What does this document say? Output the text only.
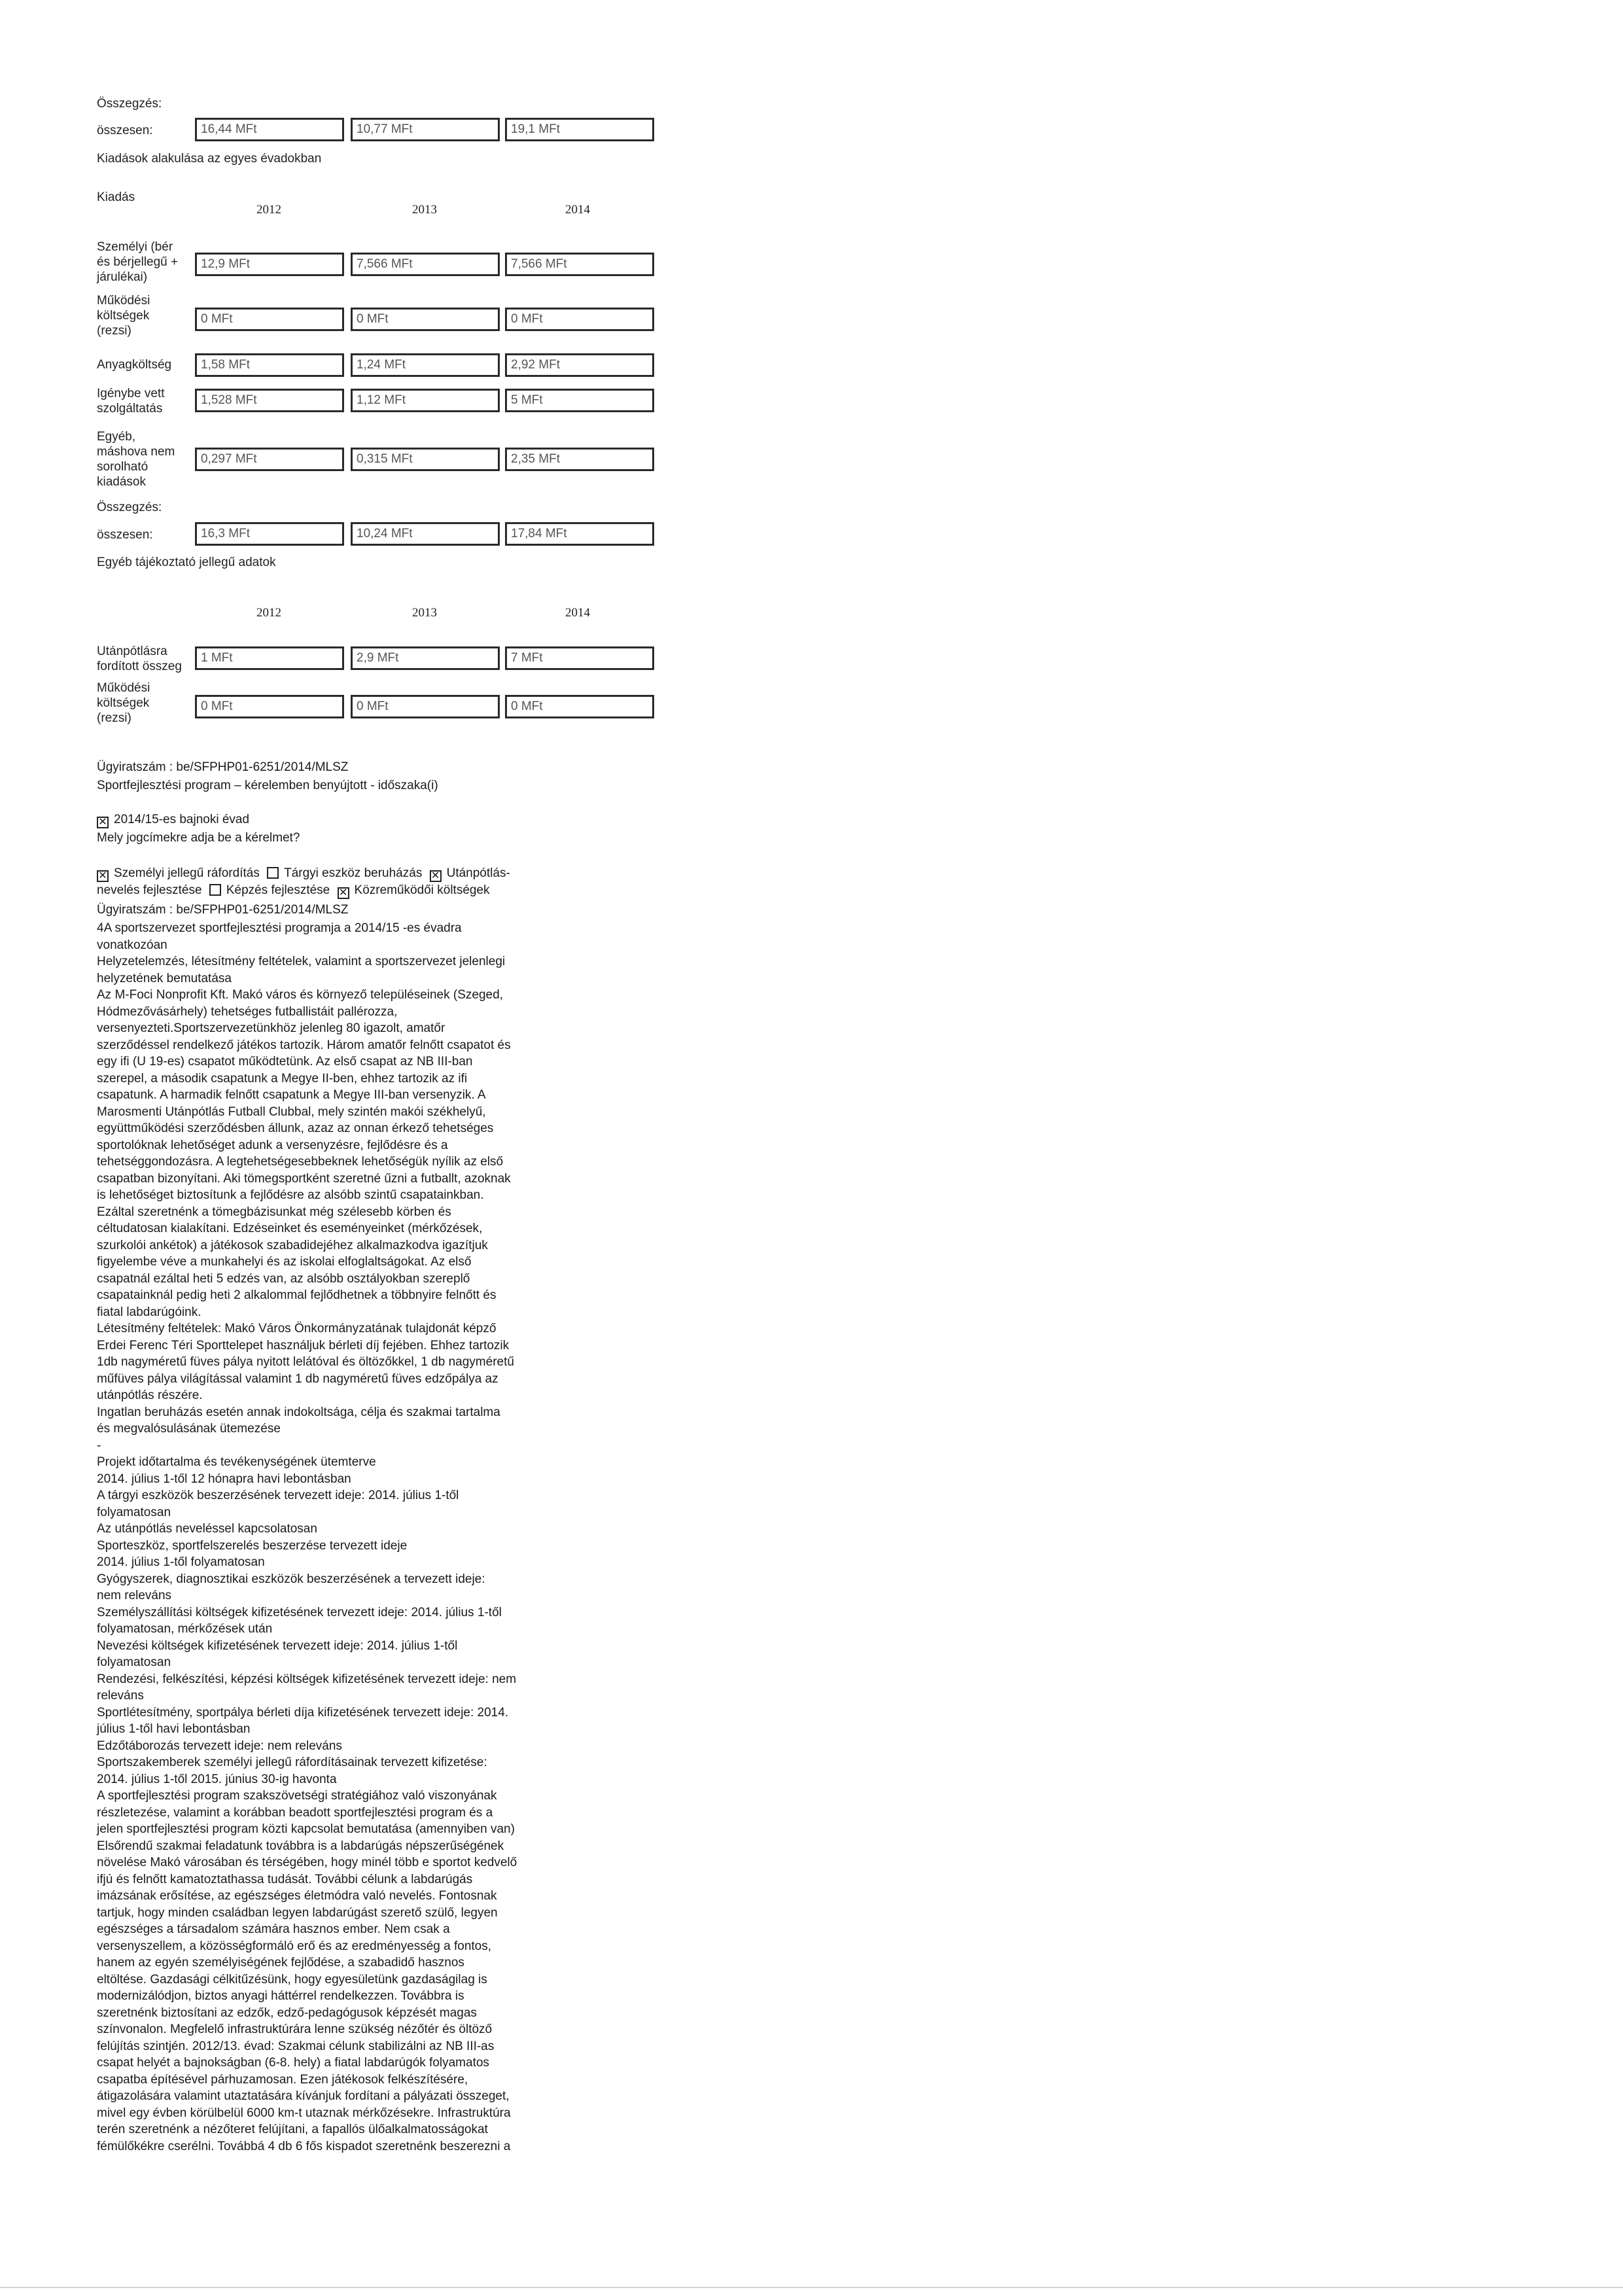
Összegzés:
összesen:	16,44 MFt	10,77 MFt	19,1 MFt
Kiadások alakulása az egyes évadokban
Kiadás
2012	2013	2014
Személyi (bér
és bérjellegű +
járulékai)
12,9 MFt	7,566 MFt	7,566 MFt
Működési
költségek
(rezsi)
0 MFt	0 MFt	0 MFt
Anyagköltség	1,58 MFt	1,24 MFt	2,92 MFt
Igénybe vett
szolgáltatás
1,528 MFt	1,12 MFt	5 MFt
Egyéb,
máshova nem
sorolható
kiadások
0,297 MFt	0,315 MFt	2,35 MFt
Összegzés:
összesen:	16,3 MFt	10,24 MFt	17,84 MFt
Egyéb tájékoztató jellegű adatok
2012	2013	2014
Utánpótlásra
fordított összeg
1 MFt	2,9 MFt	7 MFt
Működési
költségek
(rezsi)
0 MFt	0 MFt	0 MFt
Ügyiratszám : be/SFPHP01-6251/2014/MLSZ
Sportfejlesztési program – kérelemben benyújtott - időszaka(i)
✕2014/15-es bajnoki évad
Mely jogcímekre adja be a kérelmet?
✕Személyi jellegű ráfordítás Tárgyi eszköz beruházás ✕ Utánpótlás-
nevelés fejlesztése Képzés fejlesztése ✕ Közreműködői költségek
Ügyiratszám : be/SFPHP01-6251/2014/MLSZ
4A sportszervezet sportfejlesztési programja a 2014/15 -es évadra
vonatkozóan
Helyzetelemzés, létesítmény feltételek, valamint a sportszervezet jelenlegi
helyzetének bemutatása
Az M-Foci Nonprofit Kft. Makó város és környező településeinek (Szeged,
Hódmezővásárhely) tehetséges futballistáit pallérozza,
versenyezteti.Sportszervezetünkhöz jelenleg 80 igazolt, amatőr
szerződéssel rendelkező játékos tartozik. Három amatőr felnőtt csapatot és
egy ifi (U 19-es) csapatot működtetünk. Az első csapat az NB III-ban
szerepel, a második csapatunk a Megye II-ben, ehhez tartozik az ifi
csapatunk. A harmadik felnőtt csapatunk a Megye III-ban versenyzik. A
Marosmenti Utánpótlás Futball Clubbal, mely szintén makói székhelyű,
együttműködési szerződésben állunk, azaz az onnan érkező tehetséges
sportolóknak lehetőséget adunk a versenyzésre, fejlődésre és a
tehetséggondozásra. A legtehetségesebbeknek lehetőségük nyílik az első
csapatban bizonyítani. Aki tömegsportként szeretné űzni a futballt, azoknak
is lehetőséget biztosítunk a fejlődésre az alsóbb szintű csapatainkban.
Ezáltal szeretnénk a tömegbázisunkat még szélesebb körben és
céltudatosan kialakítani. Edzéseinket és eseményeinket (mérkőzések,
szurkolói ankétok) a játékosok szabadidejéhez alkalmazkodva igazítjuk
figyelembe véve a munkahelyi és az iskolai elfoglaltságokat. Az első
csapatnál ezáltal heti 5 edzés van, az alsóbb osztályokban szereplő
csapatainknál pedig heti 2 alkalommal fejlődhetnek a többnyire felnőtt és
fiatal labdarúgóink.
Létesítmény feltételek: Makó Város Önkormányzatának tulajdonát képző
Erdei Ferenc Téri Sporttelepet használjuk bérleti díj fejében. Ehhez tartozik
1db nagyméretű füves pálya nyitott lelátóval és öltözőkkel, 1 db nagyméretű
műfüves pálya világítással valamint 1 db nagyméretű füves edzőpálya az
utánpótlás részére.
Ingatlan beruházás esetén annak indokoltsága, célja és szakmai tartalma
és megvalósulásának ütemezése
-
Projekt időtartalma és tevékenységének ütemterve
2014. július 1-től 12 hónapra havi lebontásban
A tárgyi eszközök beszerzésének tervezett ideje: 2014. július 1-től
folyamatosan
Az utánpótlás neveléssel kapcsolatosan
Sporteszköz, sportfelszerelés beszerzése tervezett ideje
2014. július 1-től folyamatosan
Gyógyszerek, diagnosztikai eszközök beszerzésének a tervezett ideje:
nem releváns
Személyszállítási költségek kifizetésének tervezett ideje: 2014. július 1-től
folyamatosan, mérkőzések után
Nevezési költségek kifizetésének tervezett ideje: 2014. július 1-től
folyamatosan
Rendezési, felkészítési, képzési költségek kifizetésének tervezett ideje: nem
releváns
Sportlétesítmény, sportpálya bérleti díja kifizetésének tervezett ideje: 2014.
július 1-től havi lebontásban
Edzőtáborozás tervezett ideje: nem releváns
Sportszakemberek személyi jellegű ráfordításainak tervezett kifizetése:
2014. július 1-től 2015. június 30-ig havonta
A sportfejlesztési program szakszövetségi stratégiához való viszonyának
részletezése, valamint a korábban beadott sportfejlesztési program és a
jelen sportfejlesztési program közti kapcsolat bemutatása (amennyiben van)
Elsőrendű szakmai feladatunk továbbra is a labdarúgás népszerűségének
növelése Makó városában és térségében, hogy minél több e sportot kedvelő
ifjú és felnőtt kamatoztathassa tudását. További célunk a labdarúgás
imázsának erősítése, az egészséges életmódra való nevelés. Fontosnak
tartjuk, hogy minden családban legyen labdarúgást szerető szülő, legyen
egészséges a társadalom számára hasznos ember. Nem csak a
versenyszellem, a közösségformáló erő és az eredményesség a fontos,
hanem az egyén személyiségének fejlődése, a szabadidő hasznos
eltöltése. Gazdasági célkitűzésünk, hogy egyesületünk gazdaságilag is
modernizálódjon, biztos anyagi háttérrel rendelkezzen. Továbbra is
szeretnénk biztosítani az edzők, edző-pedagógusok képzését magas
színvonalon. Megfelelő infrastruktúrára lenne szükség nézőtér és öltöző
felújítás szintjén. 2012/13. évad: Szakmai célunk stabilizálni az NB III-as
csapat helyét a bajnokságban (6-8. hely) a fiatal labdarúgók folyamatos
csapatba építésével párhuzamosan. Ezen játékosok felkészítésére,
átigazolására valamint utaztatására kívánjuk fordítani a pályázati összeget,
mivel egy évben körülbelül 6000 km-t utaznak mérkőzésekre. Infrastruktúra
terén szeretnénk a nézőteret felújítani, a fapallós ülőalkalmatosságokat
fémülőkékre cserélni. Továbbá 4 db 6 fős kispadot szeretnénk beszerezni a
